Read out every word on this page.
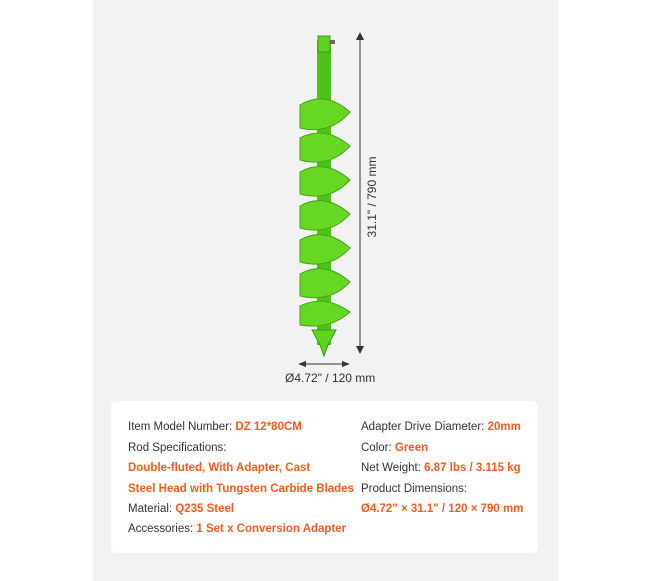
31.1" / 790 mm
Ø4.72" / 120 mm
Item Model Number: DZ 12*80CM
Rod Specifications:
Double-fluted, With Adapter, Cast
Steel Head with Tungsten Carbide Blades
Material: Q235 Steel
Accessories: 1 Set x Conversion Adapter
Adapter Drive Diameter: 20mm
Color: Green
Net Weight: 6.87 lbs / 3.115 kg
Product Dimensions:
Ø4.72" × 31.1" / 120 × 790 mm
